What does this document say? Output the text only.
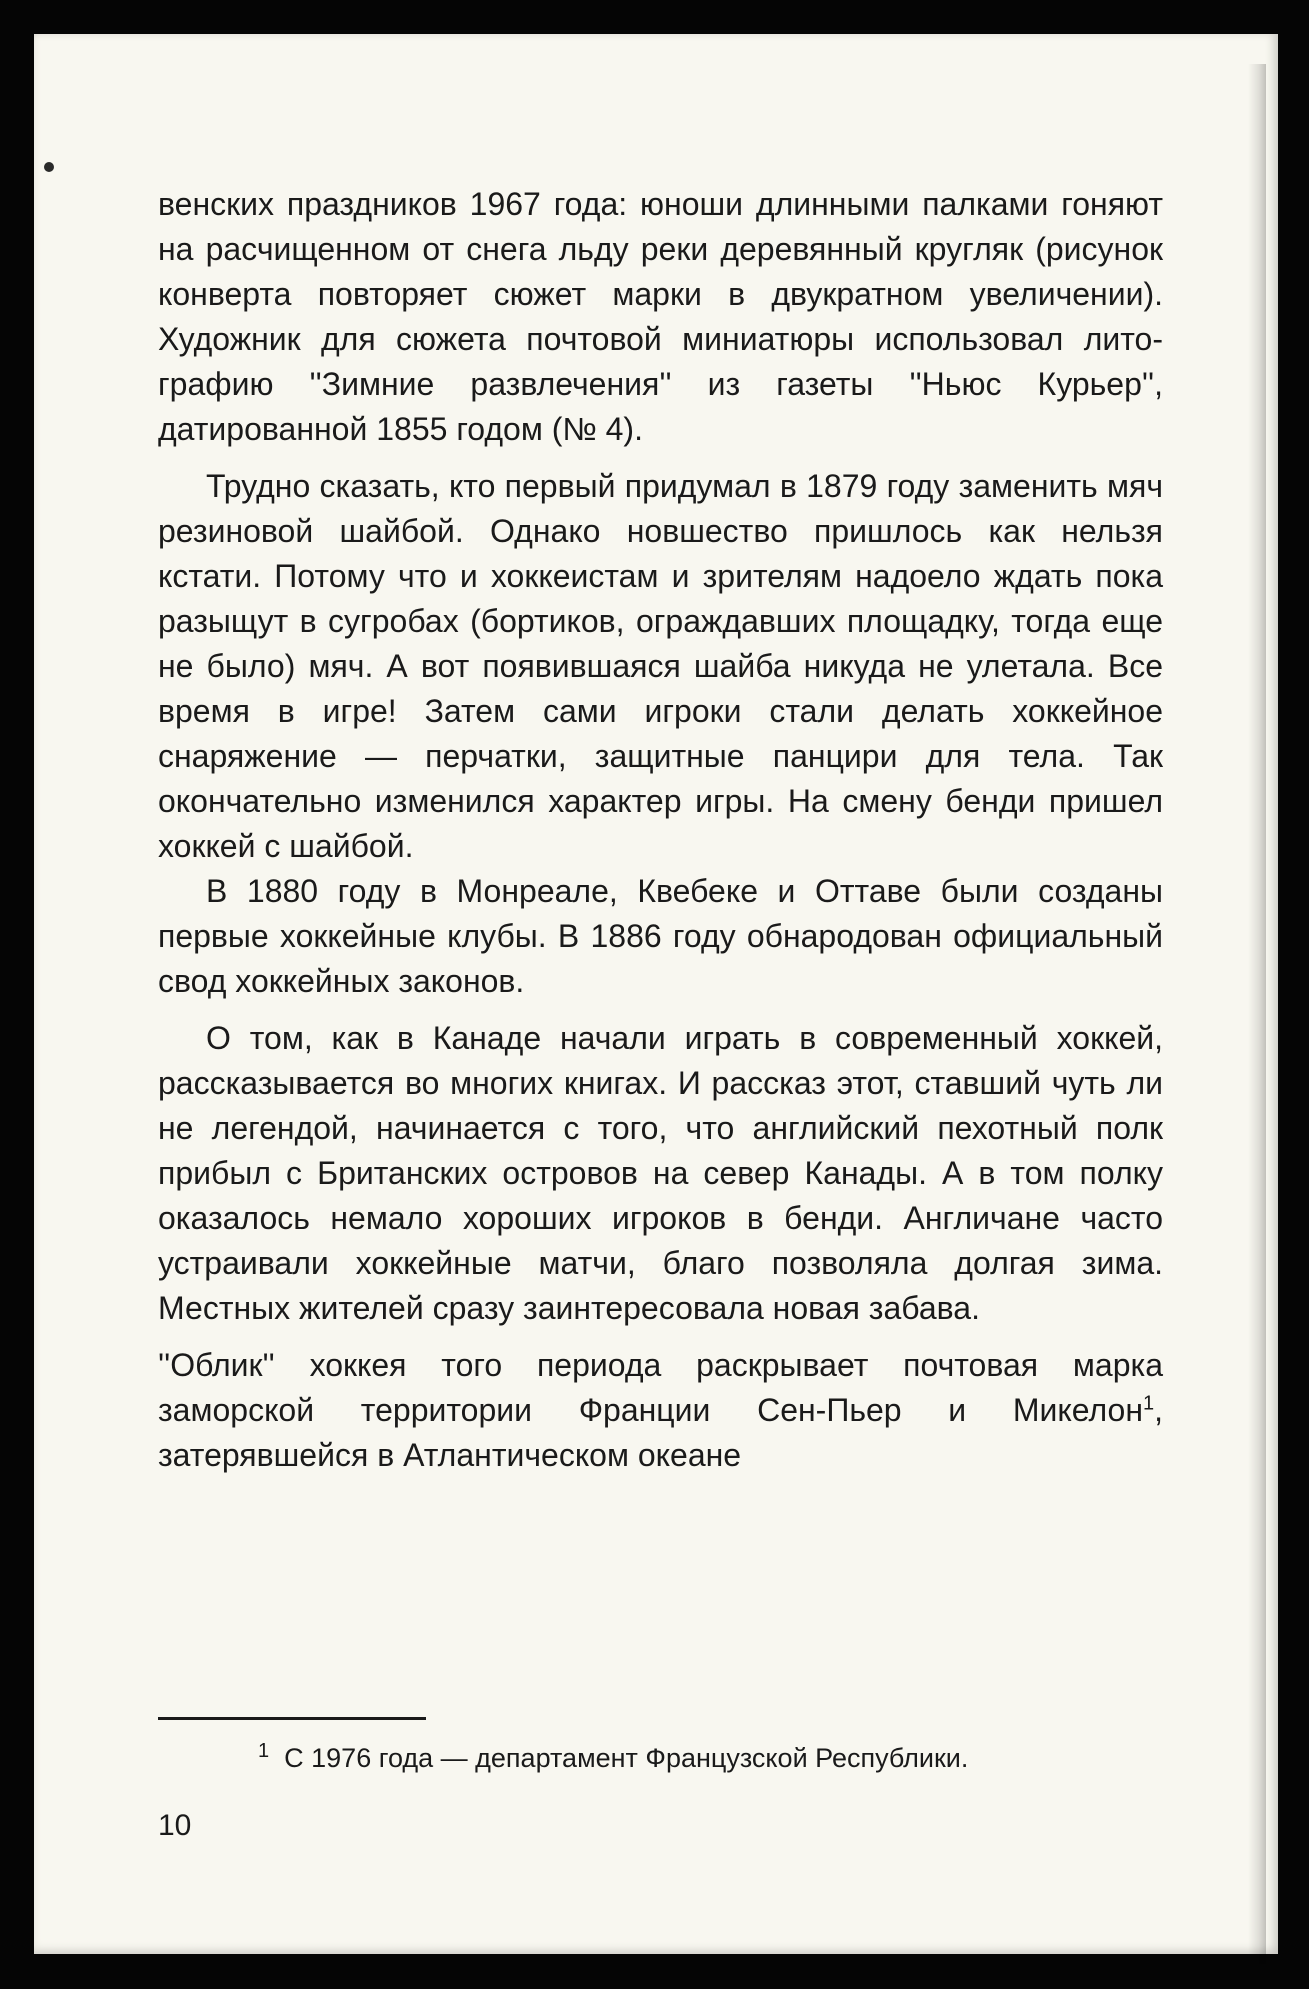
венских праздников 1967 года: юноши длинными палками гоняют на расчищенном от снега льду реки деревянный кругляк (рисунок конверта повторяет сюжет марки в двукратном увеличении). Художник для сюжета почтовой миниатюры использовал литографию ''Зимние развлечения'' из газеты ''Ньюс Курьер'', датированной 1855 годом (№ 4).

Трудно сказать, кто первый придумал в 1879 году заменить мяч резиновой шайбой. Однако новшество пришлось как нельзя кстати. Потому что и хоккеистам и зрителям надоело ждать пока разыщут в сугробах (бортиков, ограждавших площадку, тогда еще не было) мяч. А вот появившаяся шайба никуда не улетала. Все время в игре! Затем сами игроки стали делать хоккейное снаряжение — перчатки, защитные панцири для тела. Так окончательно изменился характер игры. На смену бенди пришел хоккей с шайбой.

В 1880 году в Монреале, Квебеке и Оттаве были созданы первые хоккейные клубы. В 1886 году обнародован официальный свод хоккейных законов.

О том, как в Канаде начали играть в современный хоккей, рассказывается во многих книгах. И рассказ этот, ставший чуть ли не легендой, начинается с того, что английский пехотный полк прибыл с Британских островов на север Канады. А в том полку оказалось немало хороших игроков в бенди. Англичане часто устраивали хоккейные матчи, благо позволяла долгая зима. Местных жителей сразу заинтересовала новая забава.

''Облик'' хоккея того периода раскрывает почтовая марка заморской территории Франции Сен-Пьер и Микелон$^1$, затерявшейся в Атлантическом океане

$^1$ С 1976 года — департамент Французской Республики.
10
